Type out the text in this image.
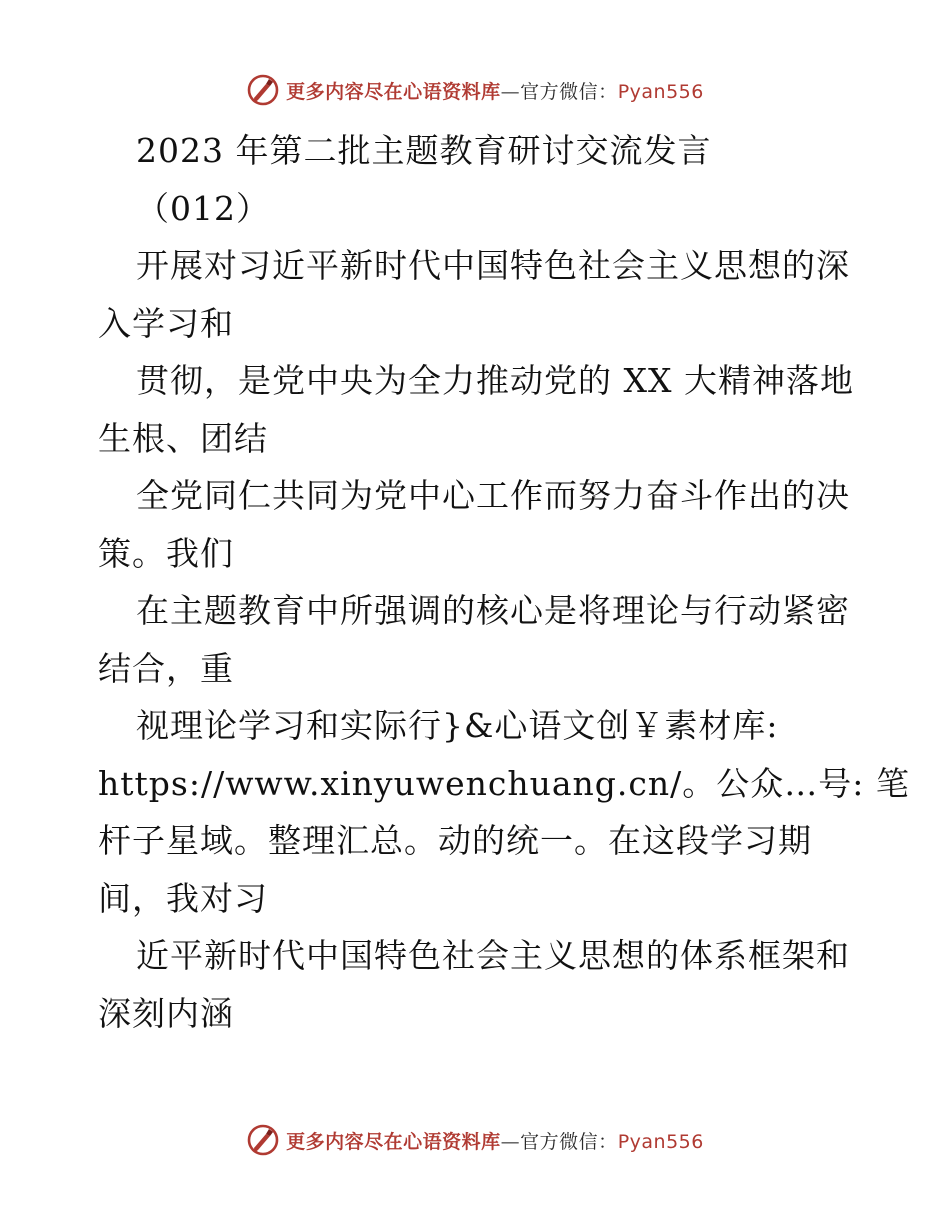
更多内容尽在心语资料库—官方微信：Pyan556
2023 年第二批主题教育研讨交流发言
（012）
开展对习近平新时代中国特色社会主义思想的深
入学习和
贯彻，是党中央为全力推动党的 XX 大精神落地
生根、团结
全党同仁共同为党中心工作而努力奋斗作出的决
策。我们
在主题教育中所强调的核心是将理论与行动紧密
结合，重
视理论学习和实际行}&心语文创￥素材库:
https://www.xinyuwenchuang.cn/。公众…号: 笔
杆子星域。整理汇总。动的统一。在这段学习期
间，我对习
近平新时代中国特色社会主义思想的体系框架和
深刻内涵
更多内容尽在心语资料库—官方微信：Pyan556
